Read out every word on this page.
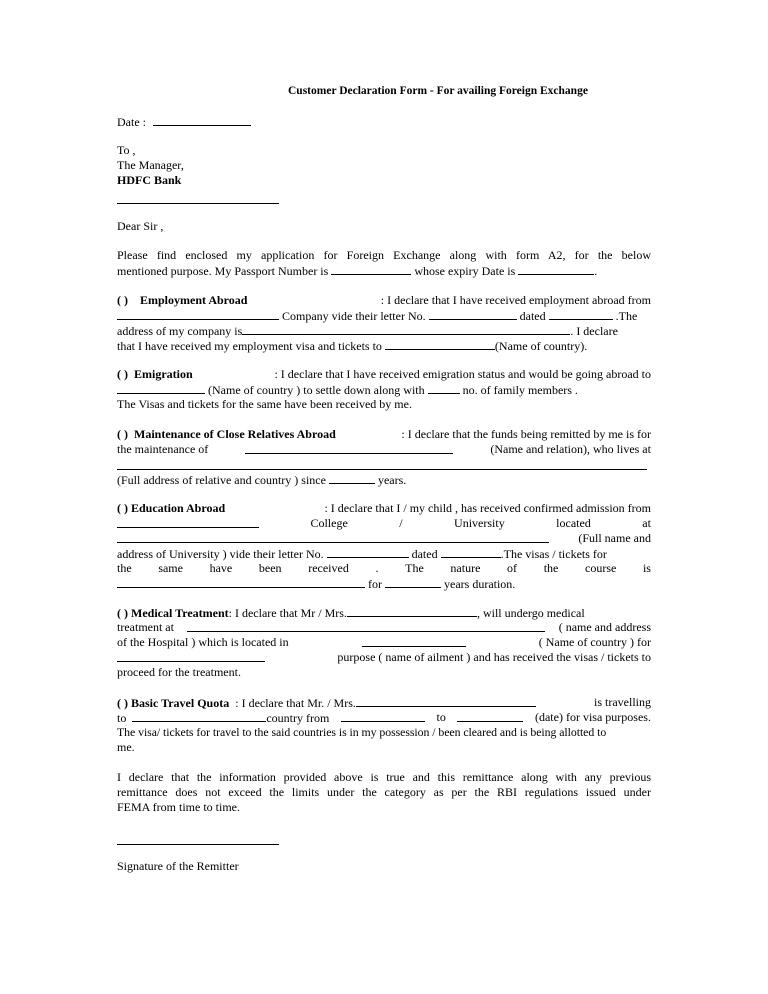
Customer Declaration Form - For availing Foreign Exchange
Date :
To ,
The Manager,
HDFC Bank
Dear Sir ,
Please find enclosed my application for Foreign Exchange along with form A2, for the below
mentioned purpose. My Passport Number is	whose expiry Date is	.
( ) Employment Abroad	: I declare that I have received employment abroad from
Company vide their letter No.	dated	.The
address of my company is	. I declare
that I have received my employment visa and tickets to	(Name of country).
( ) Emigration	: I declare that I have received emigration status and would be going abroad to
(Name of country ) to settle down along with	no. of family members .
The Visas and tickets for the same have been received by me.
( ) Maintenance of Close Relatives Abroad	: I declare that the funds being remitted by me is for
the maintenance of	(Name and relation), who lives at
(Full address of relative and country ) since	years.
( ) Education Abroad	: I declare that I / my child , has received confirmed admission from
College	/	University	located	at
(Full name and
address of University ) vide their letter No.	dated	.The visas / tickets for
the same have been received . The nature of the course is
for	years duration.
( ) Medical Treatment: I declare that Mr / Mrs.	, will undergo medical
treatment at	( name and address
of the Hospital ) which is located in	( Name of country ) for
purpose ( name of ailment ) and has received the visas / tickets to
proceed for the treatment.
( ) Basic Travel Quota : I declare that Mr. / Mrs.	is travelling
to	country from	to	(date) for visa purposes.
The visa/ tickets for travel to the said countries is in my possession / been cleared and is being allotted to
me.
I declare that the information provided above is true and this remittance along with any previous
remittance does not exceed the limits under the category as per the RBI regulations issued under
FEMA from time to time.
Signature of the Remitter
